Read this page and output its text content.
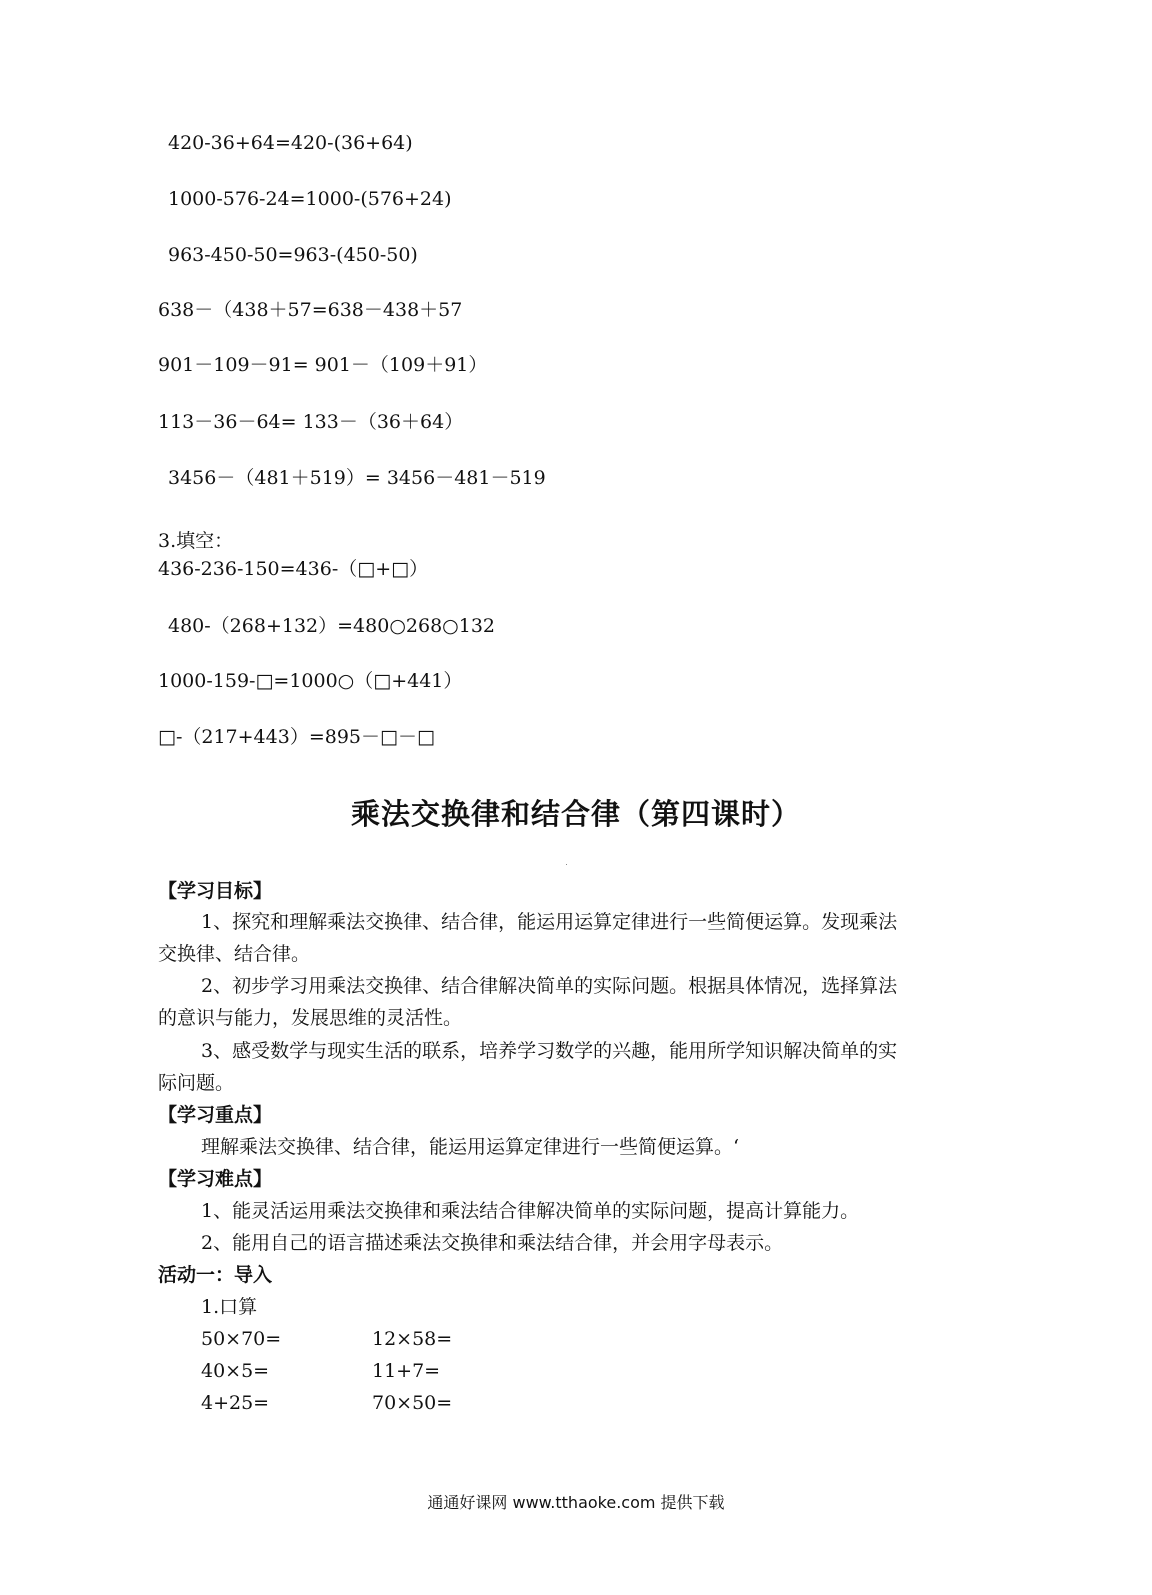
420-36+64=420-(36+64)
1000-576-24=1000-(576+24)
963-450-50=963-(450-50)
638－（438＋57=638－438＋57
901－109－91= 901－（109＋91）
113－36－64= 133－（36＋64）
3456－（481＋519）= 3456－481－519
3.填空：
436-236-150=436-（□+□）
480-（268+132）=480○268○132
1000-159-□=1000○（□+441）
□-（217+443）=895－□－□
乘法交换律和结合律（第四课时）
【学习目标】
1、探究和理解乘法交换律、结合律，能运用运算定律进行一些简便运算。发现乘法
交换律、结合律。
2、初步学习用乘法交换律、结合律解决简单的实际问题。根据具体情况，选择算法
的意识与能力，发展思维的灵活性。
3、感受数学与现实生活的联系，培养学习数学的兴趣，能用所学知识解决简单的实
际问题。
【学习重点】
理解乘法交换律、结合律，能运用运算定律进行一些简便运算。‘
【学习难点】
1、能灵活运用乘法交换律和乘法结合律解决简单的实际问题，提高计算能力。
2、能用自己的语言描述乘法交换律和乘法结合律，并会用字母表示。
活动一：导入
1.口算
50×70=	12×58=
40×5=	11+7=
4+25=	70×50=
通通好课网 www.tthaoke.com 提供下载
